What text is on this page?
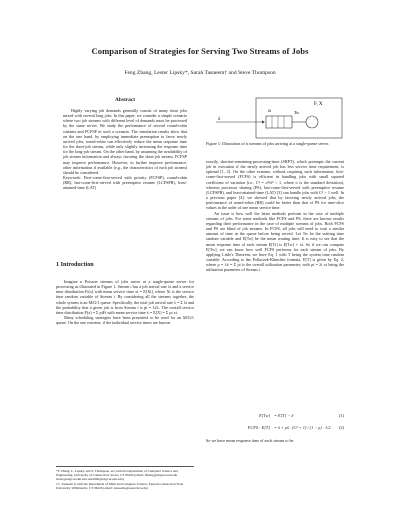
Comparison of Strategies for Serving Two Streams of Jobs
Feng Zhang, Lester Lipsky*, Sarah Tasneem† and Steve Thompson
Abstract

Highly varying job demands generally consist of many short jobs mixed with several long jobs. In this paper, we consider a simple scenario where two job streams with different level of demands must be processed by the same server. We study the performance of several round-robin variants and FCFSP in such a scenario. The simulation results show that on the one hand, by employing immediate preemption to favor newly arrived jobs, round-robin can effectively reduce the mean response time for the short-job stream, while only slightly increasing the response time for the long-job stream. On the other hand, by assuming the availability of job stream information and always favoring the short-job stream, FCFSP may improve performance. However, in further improve performance, other information if available (e.g., the characteristics of each job stream) should be considered.

Keywords: First-come-first-served with priority (FCFSP), round-robin (RR), last-come-first-served with preemptive resume (LCFSPR), least-attained-time (LAT)

1 Introduction

Imagine n Poisson streams of jobs arrive at a single-queue server for processing as illustrated in Figure 1. Stream i has a job arrival rate λi and a service time distribution Fi(x) with mean service time xi = E[Xi], where Xi is the service time random variable of Stream i. By considering all the streams together, the whole system is an M/G/1 queue. Specifically, the total job arrival rate λ = Σ λi and the probability that a given job is from Stream i is pi = λi/λ. The overall service time distribution F(x) = Σ piFi with mean service time x̄ = E[X] = Σ pi xi.

Many scheduling strategies have been presented to be used for an M/G/1 queue. On the one extreme, if the individual service times are known

*F. Zhang, L. Lipsky, and S. Thompson, are with the Department of Computer Science and Engineering, University of Connecticut, Storrs, CT 06269 (email: fzhang@engr.uconn.edu lester@engr.uconn.edu ssst2006@engr.uconn.edu)

†S. Tasneem is with the Department of Math and Computer Science, Eastern Connecticut State University, Willimantic, CT 06226 (email: tasneems@easternct.edu)

F, X
λ
λi	Tw
Figure 1: Illustration of n streams of jobs arriving at a single-queue server.

exactly, shortest-remaining-processing-time (SRPT), which preempts the current job in execution if the newly arrived job has less service time requirement, is optimal [1, 2]. On the other extreme, without requiring such information, first-come-first-served (FCFS) is efficient in handling jobs with small squared coefficient of variation (i.e., C² = σ²/x̄² < 1, where σ is the standard deviation), whereas processor sharing (PS), last-come-first-served with preemptive resume (LCFSPR), and least-attained-time (LAT) [3] can handle jobs with C² > 1 well. In a previous paper [4], we showed that by favoring newly arrived jobs, the performance of round-robin (RR) could be better than that of PS for time-slice values in the order of one mean service time.

An issue is how well the latter methods perform in the case of multiple streams of jobs. For some methods like FCFS and PS, there are known results regarding their performance in the case of multiple streams of jobs. Both FCFS and PS are blind of job streams. In FCFS, all jobs will need to wait a similar amount of time in the queue before being served. Let Tw be the waiting time random variable and E[Tw] be the mean waiting time. It is easy to see that the mean response time of each stream E[Ti] is E[Tw] + xi. So if we can compute E[Tw], we can know how well FCFS performs for each stream of jobs. By applying Little's Theorem, we have Eq. 1 with T being the system time random variable. According to the Pollaczek-Khinchin formula, E[T] is given by Eq. 2, where ρ = λx̄ = Σ ρi is the overall utilization parameter, with ρi = λi xi being the utilization parameter of Stream i.

E[Tw] = E[T] − x̄	(1)
FCFS : E[T] = x̄ + ρx̄ · (C² + 1) / (1 − ρ) · 1/2 (2)
So we have mean response time of each stream to be
